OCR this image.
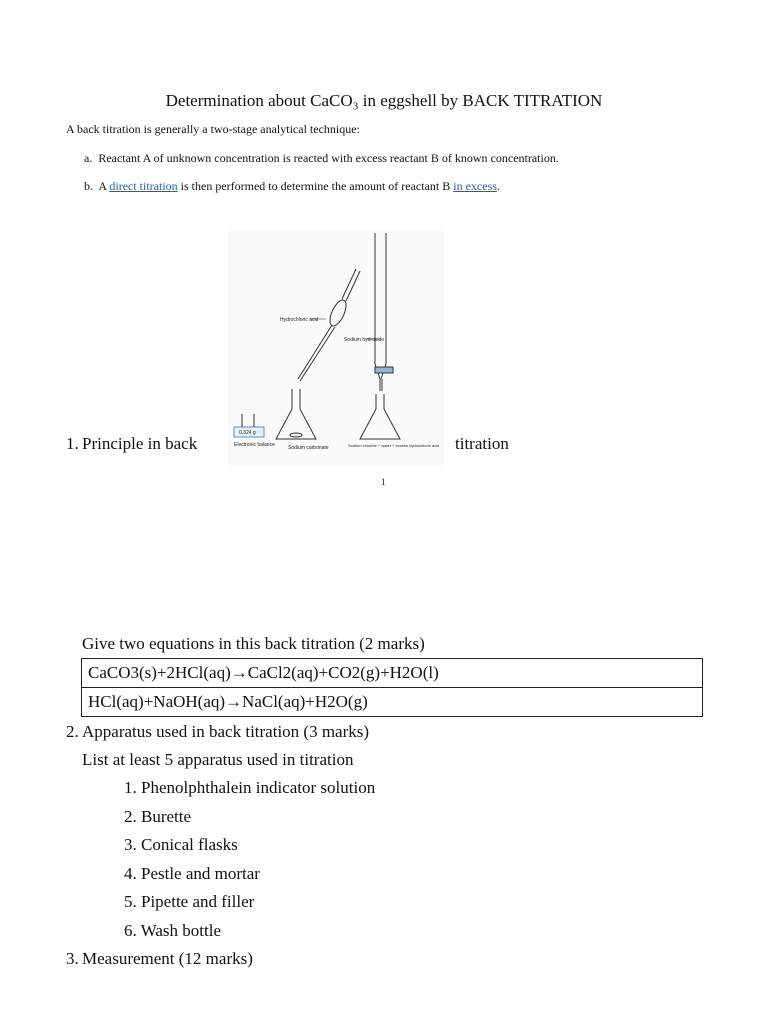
Determination about CaCO₃ in eggshell by BACK TITRATION
A back titration is generally a two-stage analytical technique:
a. Reactant A of unknown concentration is reacted with excess reactant B of known concentration.
b. A direct titration is then performed to determine the amount of reactant B in excess.
0.324 g
Hydrochloric acid
Sodium hydroxide
Electronic balance	Sodium carbonate	Sodium chloride + water + excess hydrochloric acid
1
1. Principle in back	titration
Give two equations in this back titration (2 marks)
CaCO3(s)+2HCl(aq)→CaCl2(aq)+CO2(g)+H2O(l)
HCl(aq)+NaOH(aq)→NaCl(aq)+H2O(g)
2. Apparatus used in back titration (3 marks)
List at least 5 apparatus used in titration
1. Phenolphthalein indicator solution
2. Burette
3. Conical flasks
4. Pestle and mortar
5. Pipette and filler
6. Wash bottle
3. Measurement (12 marks)
